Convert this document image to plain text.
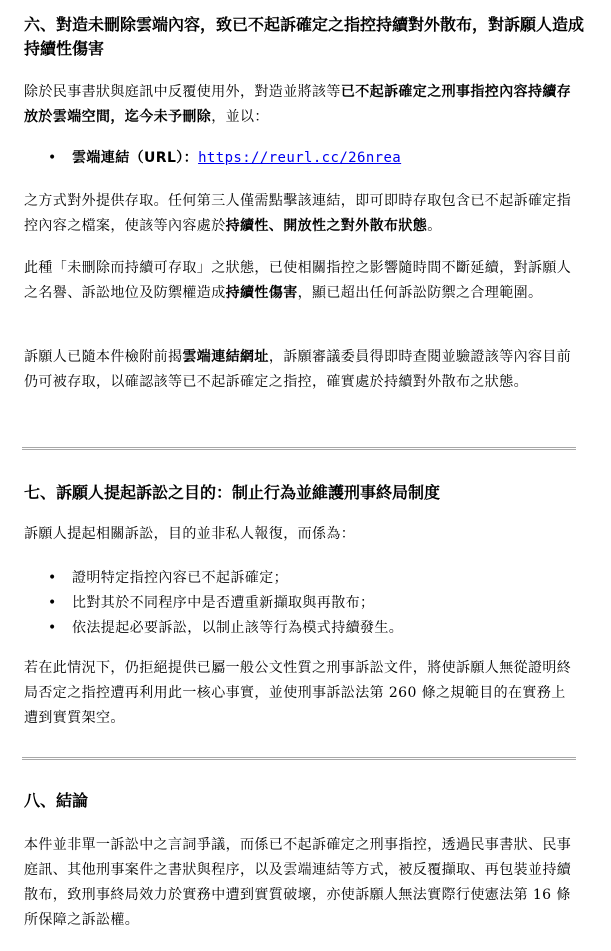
六、對造未刪除雲端內容，致已不起訴確定之指控持續對外散布，對訴願人造成持續性傷害

除於民事書狀與庭訊中反覆使用外，對造並將該等已不起訴確定之刑事指控內容持續存放於雲端空間，迄今未予刪除，並以：

• 雲端連結（URL）：https://reurl.cc/26nrea

之方式對外提供存取。任何第三人僅需點擊該連結，即可即時存取包含已不起訴確定指控內容之檔案，使該等內容處於持續性、開放性之對外散布狀態。

此種「未刪除而持續可存取」之狀態，已使相關指控之影響隨時間不斷延續，對訴願人之名譽、訴訟地位及防禦權造成持續性傷害，顯已超出任何訴訟防禦之合理範圍。

訴願人已隨本件檢附前揭雲端連結網址，訴願審議委員得即時查閱並驗證該等內容目前仍可被存取，以確認該等已不起訴確定之指控，確實處於持續對外散布之狀態。

七、訴願人提起訴訟之目的：制止行為並維護刑事終局制度

訴願人提起相關訴訟，目的並非私人報復，而係為：

• 證明特定指控內容已不起訴確定；
• 比對其於不同程序中是否遭重新擷取與再散布；
• 依法提起必要訴訟，以制止該等行為模式持續發生。

若在此情況下，仍拒絕提供已屬一般公文性質之刑事訴訟文件，將使訴願人無從證明終局否定之指控遭再利用此一核心事實，並使刑事訴訟法第 260 條之規範目的在實務上遭到實質架空。

八、結論

本件並非單一訴訟中之言詞爭議，而係已不起訴確定之刑事指控，透過民事書狀、民事庭訊、其他刑事案件之書狀與程序，以及雲端連結等方式，被反覆擷取、再包裝並持續散布，致刑事終局效力於實務中遭到實質破壞，亦使訴願人無法實際行使憲法第 16 條所保障之訴訟權。
